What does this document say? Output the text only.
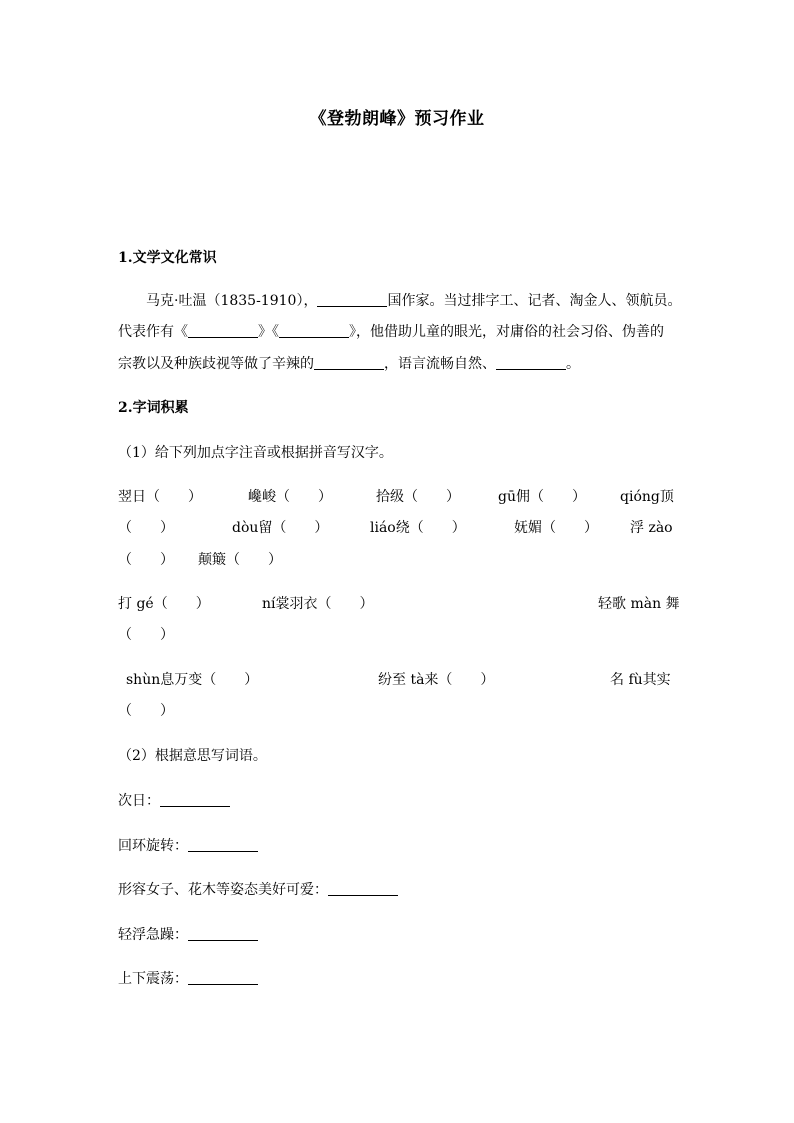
《登勃朗峰》预习作业
1.文学文化常识
马克·吐温（1835-1910），	国作家。当过排字工、记者、淘金人、领航员。
代表作有《	》《	》，他借助儿童的眼光，对庸俗的社会习俗、伪善的
宗教以及种族歧视等做了辛辣的	，语言流畅自然、	。
2.字词积累
（1）给下列加点字注音或根据拼音写汉字。
翌日（　　）	巉峻（　　）	拾级（　　）	gū佣（　　） qióng顶
（　　）	dòu留（　　）	liáo绕（　　）	妩媚（　　） 浮 zào
（　　） 颠簸（　　）
打 gé（　　）	ní裳羽衣（　　）	轻歌 màn 舞
（　　）
shùn息万变（　　）	纷至 tà来（　　）	名 fù其实
（　　）
（2）根据意思写词语。
次日：
回环旋转：
形容女子、花木等姿态美好可爱：
轻浮急躁：
上下震荡：
